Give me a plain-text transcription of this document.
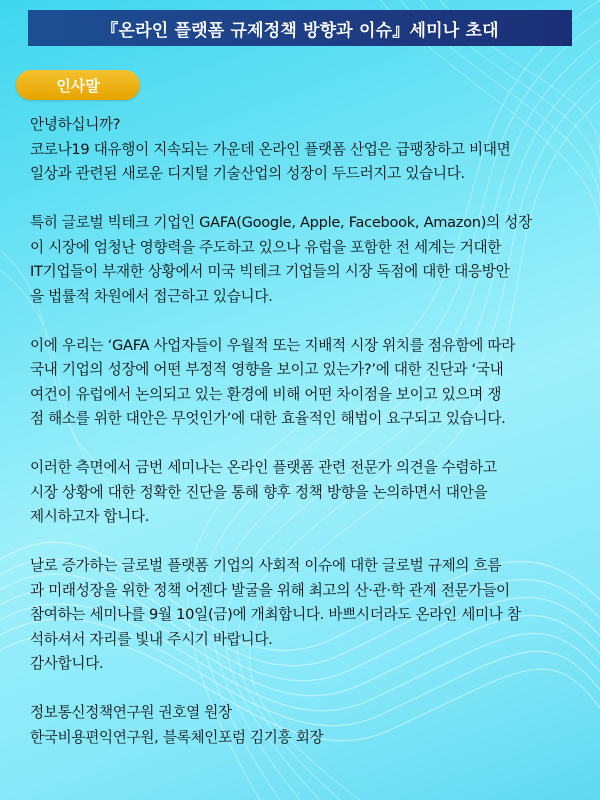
『온라인 플랫폼 규제정책 방향과 이슈』세미나 초대
인사말
안녕하십니까?
코로나19 대유행이 지속되는 가운데 온라인 플랫폼 산업은 급팽창하고 비대면
일상과 관련된 새로운 디지털 기술산업의 성장이 두드러지고 있습니다.
특히 글로벌 빅테크 기업인 GAFA(Google, Apple, Facebook, Amazon)의 성장
이 시장에 엄청난 영향력을 주도하고 있으나 유럽을 포함한 전 세계는 거대한
IT기업들이 부재한 상황에서 미국 빅테크 기업들의 시장 독점에 대한 대응방안
을 법률적 차원에서 접근하고 있습니다.
이에 우리는 ‘GAFA 사업자들이 우월적 또는 지배적 시장 위치를 점유함에 따라
국내 기업의 성장에 어떤 부정적 영향을 보이고 있는가?’에 대한 진단과 ‘국내
여건이 유럽에서 논의되고 있는 환경에 비해 어떤 차이점을 보이고 있으며 쟁
점 해소를 위한 대안은 무엇인가’에 대한 효율적인 해법이 요구되고 있습니다.
이러한 측면에서 금번 세미나는 온라인 플랫폼 관련 전문가 의견을 수렴하고
시장 상황에 대한 정확한 진단을 통해 향후 정책 방향을 논의하면서 대안을
제시하고자 합니다.
날로 증가하는 글로벌 플랫폼 기업의 사회적 이슈에 대한 글로벌 규제의 흐름
과 미래성장을 위한 정책 어젠다 발굴을 위해 최고의 산·관·학 관계 전문가들이
참여하는 세미나를 9월 10일(금)에 개최합니다. 바쁘시더라도 온라인 세미나 참
석하셔서 자리를 빛내 주시기 바랍니다.
감사합니다.
정보통신정책연구원 권호열 원장
한국비용편익연구원, 블록체인포럼 김기흥 회장
